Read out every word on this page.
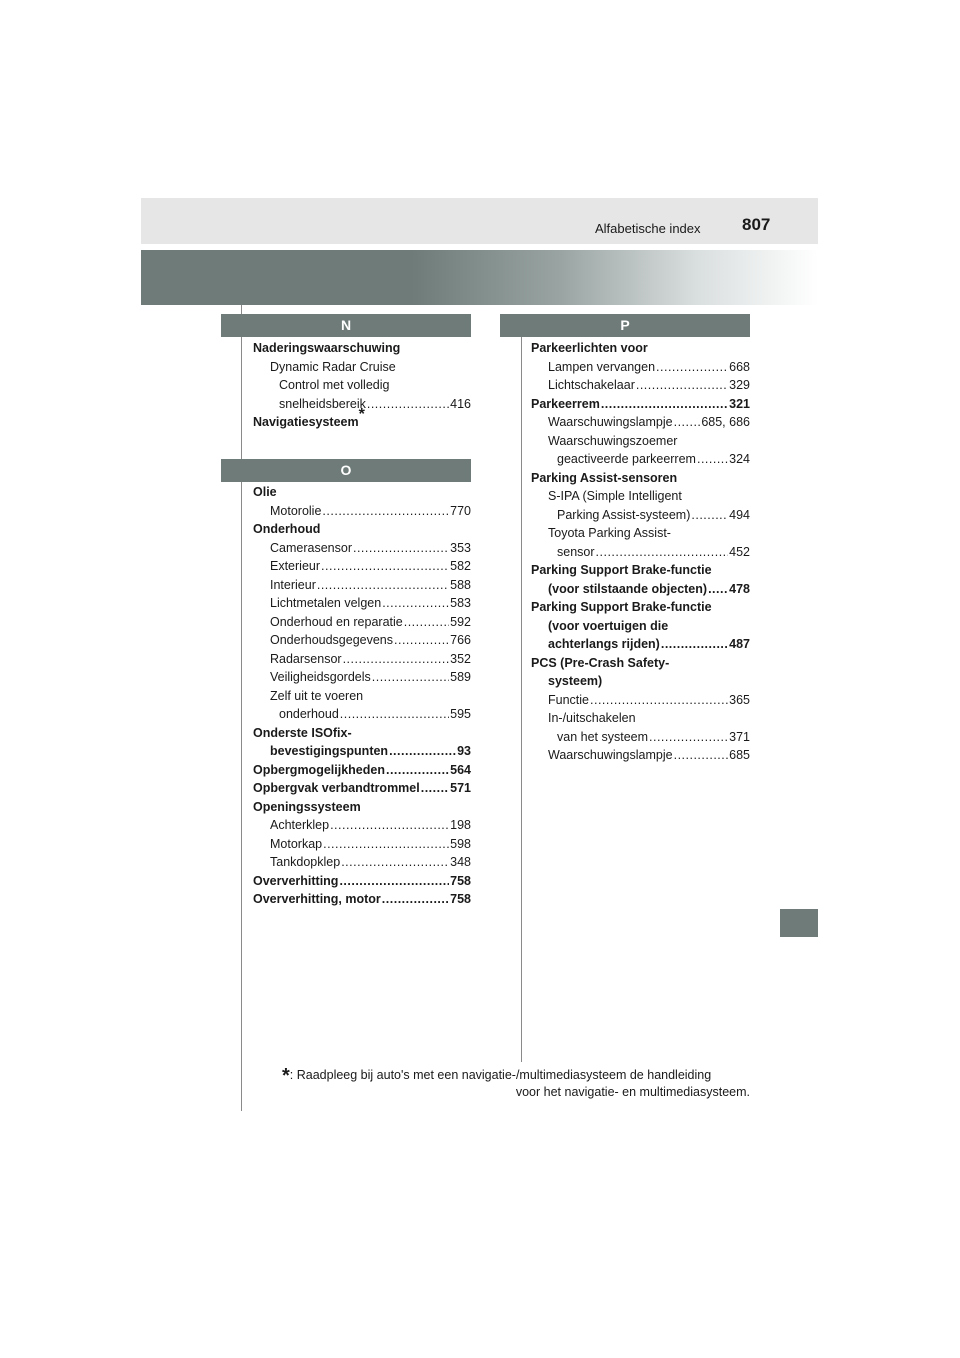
Alfabetische index 807
N
Naderingswaarschuwing
Dynamic Radar Cruise
Control met volledig
snelheidsbereik .....	416
Navigatiesysteem*
O
Olie
Motorolie .....	770
Onderhoud
Camerasensor .....	353
Exterieur .....	582
Interieur .....	588
Lichtmetalen velgen .....	583
Onderhoud en reparatie .....	592
Onderhoudsgegevens .....	766
Radarsensor .....	352
Veiligheidsgordels .....	589
Zelf uit te voeren
onderhoud .....	595
Onderste ISOfix-
bevestigingspunten .....	93
Opbergmogelijkheden .....	564
Opbergvak verbandtrommel ..... 571
Openingssysteem
Achterklep .....	198
Motorkap .....	598
Tankdopklep .....	348
Oververhitting .....	758
Oververhitting, motor .....	758
P
Parkeerlichten voor
Lampen vervangen .....	668
Lichtschakelaar .....	329
Parkeerrem .....	321
Waarschuwingslampje ..... 685, 686
Waarschuwingszoemer
geactiveerde parkeerrem .....	324
Parking Assist-sensoren
S-IPA (Simple Intelligent
Parking Assist-systeem) .....	494
Toyota Parking Assist-
sensor .....	452
Parking Support Brake-functie
(voor stilstaande objecten) ..... 478
Parking Support Brake-functie
(voor voertuigen die
achterlangs rijden) .....	487
PCS (Pre-Crash Safety-
systeem)
Functie .....	365
In-/uitschakelen
van het systeem .....	371
Waarschuwingslampje .....	685
*: Raadpleeg bij auto's met een navigatie-/multimediasysteem de handleiding
voor het navigatie- en multimediasysteem.
